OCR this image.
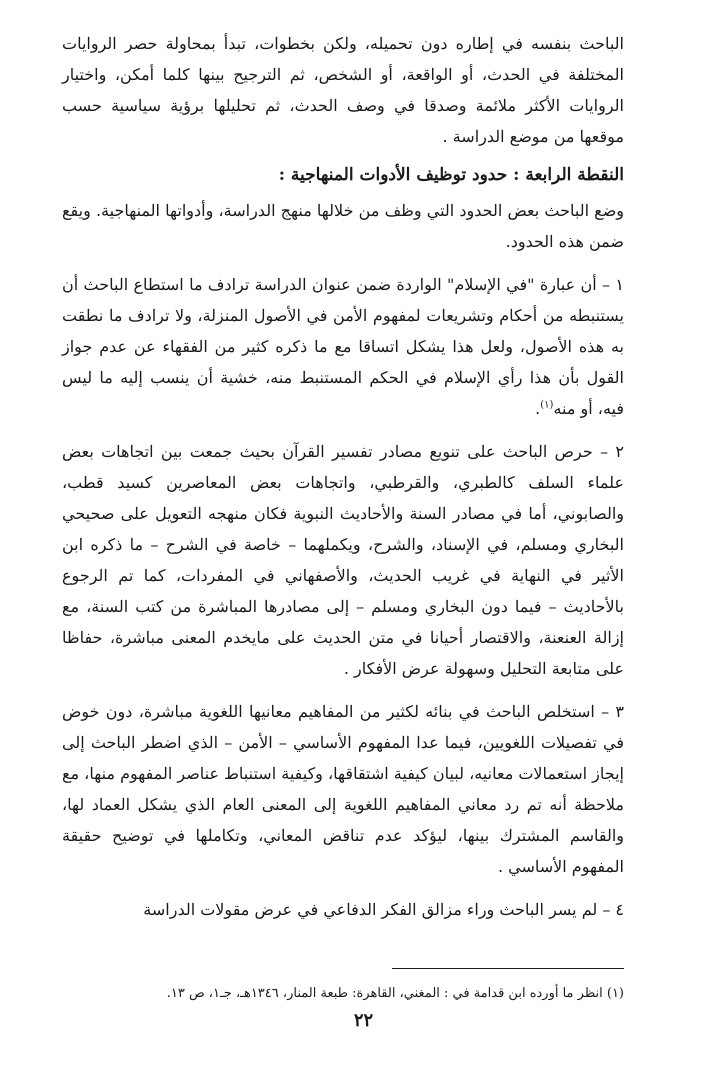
الباحث بنفسه في إطاره دون تحميله، ولكن بخطوات، تبدأ بمحاولة حصر الروايات المختلفة في الحدث، أو الواقعة، أو الشخص، ثم الترجيح بينها كلما أمكن، واختيار الروايات الأكثر ملائمة وصدقا في وصف الحدث، ثم تحليلها برؤية سياسية حسب موقعها من موضع الدراسة .

النقطة الرابعة : حدود توظيف الأدوات المنهاجية :

وضع الباحث بعض الحدود التي وظف من خلالها منهج الدراسة، وأدواتها المنهاجية. ويقع ضمن هذه الحدود.

١ – أن عبارة "في الإسلام" الواردة ضمن عنوان الدراسة ترادف ما استطاع الباحث أن يستنبطه من أحكام وتشريعات لمفهوم الأمن في الأصول المنزلة، ولا ترادف ما نطقت به هذه الأصول، ولعل هذا يشكل اتساقا مع ما ذكره كثير من الفقهاء عن عدم جواز القول بأن هذا رأي الإسلام في الحكم المستنبط منه، خشية أن ينسب إليه ما ليس فيه، أو منه$^{(١)}$.

٢ – حرص الباحث على تنويع مصادر تفسير القرآن بحيث جمعت بين اتجاهات بعض علماء السلف كالطبري، والقرطبي، واتجاهات بعض المعاصرين كسيد قطب، والصابوني، أما في مصادر السنة والأحاديث النبوية فكان منهجه التعويل على صحيحي البخاري ومسلم، في الإسناد، والشرح، ويكملهما – خاصة في الشرح – ما ذكره ابن الأثير في النهاية في غريب الحديث، والأصفهاني في المفردات، كما تم الرجوع بالأحاديث – فيما دون البخاري ومسلم – إلى مصادرها المباشرة من كتب السنة، مع إزالة العنعنة، والاقتصار أحيانا في متن الحديث على مايخدم المعنى مباشرة، حفاظا على متابعة التحليل وسهولة عرض الأفكار .

٣ – استخلص الباحث في بنائه لكثير من المفاهيم معانيها اللغوية مباشرة، دون خوض في تفصيلات اللغويين، فيما عدا المفهوم الأساسي – الأمن – الذي اضطر الباحث إلى إيجاز استعمالات معانيه، لبيان كيفية اشتقاقها، وكيفية استنباط عناصر المفهوم منها، مع ملاحظة أنه تم رد معاني المفاهيم اللغوية إلى المعنى العام الذي يشكل العماد لها، والقاسم المشترك بينها، ليؤكد عدم تناقض المعاني، وتكاملها في توضيح حقيقة المفهوم الأساسي .

٤ – لم يسر الباحث وراء مزالق الفكر الدفاعي في عرض مقولات الدراسة

(١) انظر ما أورده ابن قدامة في : المغني، القاهرة: طبعة المنار، ١٣٤٦هـ، جـ١، ص ١٣.
٢٢
